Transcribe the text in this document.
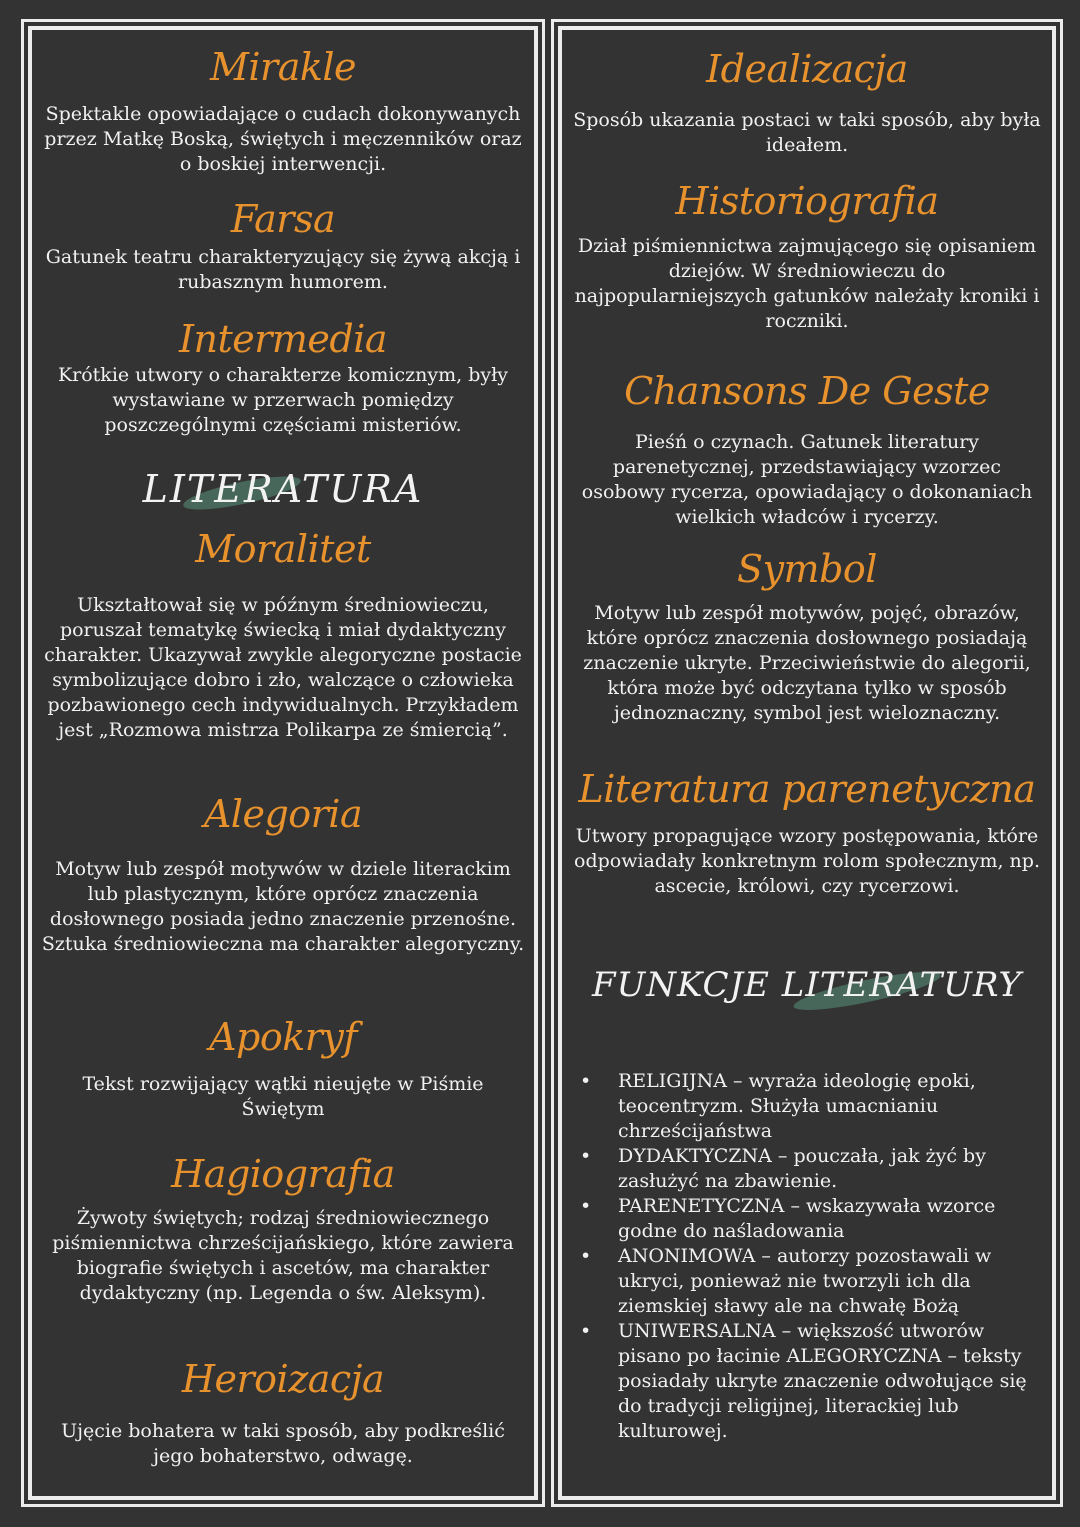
Mirakle
Spektakle opowiadające o cudach dokonywanych przez Matkę Boską, świętych i męczenników oraz o boskiej interwencji.
Farsa
Gatunek teatru charakteryzujący się żywą akcją i rubasznym humorem.
Intermedia
Krótkie utwory o charakterze komicznym, były wystawiane w przerwach pomiędzy poszczególnymi częściami misteriów.
LITERATURA
Moralitet
Ukształtował się w późnym średniowieczu, poruszał tematykę świecką i miał dydaktyczny charakter. Ukazywał zwykle alegoryczne postacie symbolizujące dobro i zło, walczące o człowieka pozbawionego cech indywidualnych. Przykładem jest „Rozmowa mistrza Polikarpa ze śmiercią”.
Alegoria
Motyw lub zespół motywów w dziele literackim lub plastycznym, które oprócz znaczenia dosłownego posiada jedno znaczenie przenośne. Sztuka średniowieczna ma charakter alegoryczny.
Apokryf
Tekst rozwijający wątki nieujęte w Piśmie Świętym
Hagiografia
Żywoty świętych; rodzaj średniowiecznego piśmiennictwa chrześcijańskiego, które zawiera biografie świętych i ascetów, ma charakter dydaktyczny (np. Legenda o św. Aleksym).
Heroizacja
Ujęcie bohatera w taki sposób, aby podkreślić jego bohaterstwo, odwagę.
Idealizacja
Sposób ukazania postaci w taki sposób, aby była ideałem.
Historiografia
Dział piśmiennictwa zajmującego się opisaniem dziejów. W średniowieczu do najpopularniejszych gatunków należały kroniki i roczniki.
Chansons De Geste
Pieśń o czynach. Gatunek literatury parenetycznej, przedstawiający wzorzec osobowy rycerza, opowiadający o dokonaniach wielkich władców i rycerzy.
Symbol
Motyw lub zespół motywów, pojęć, obrazów, które oprócz znaczenia dosłownego posiadają znaczenie ukryte. Przeciwieństwie do alegorii, która może być odczytana tylko w sposób jednoznaczny, symbol jest wieloznaczny.
Literatura parenetyczna
Utwory propagujące wzory postępowania, które odpowiadały konkretnym rolom społecznym, np. ascecie, królowi, czy rycerzowi.
FUNKCJE LITERATURY
• RELIGIJNA – wyraża ideologię epoki, teocentryzm. Służyła umacnianiu chrześcijaństwa
• DYDAKTYCZNA – pouczała, jak żyć by zasłużyć na zbawienie.
• PARENETYCZNA – wskazywała wzorce godne do naśladowania
• ANONIMOWA – autorzy pozostawali w ukryci, ponieważ nie tworzyli ich dla ziemskiej sławy ale na chwałę Bożą
• UNIWERSALNA – większość utworów pisano po łacinie ALEGORYCZNA – teksty posiadały ukryte znaczenie odwołujące się do tradycji religijnej, literackiej lub kulturowej.
